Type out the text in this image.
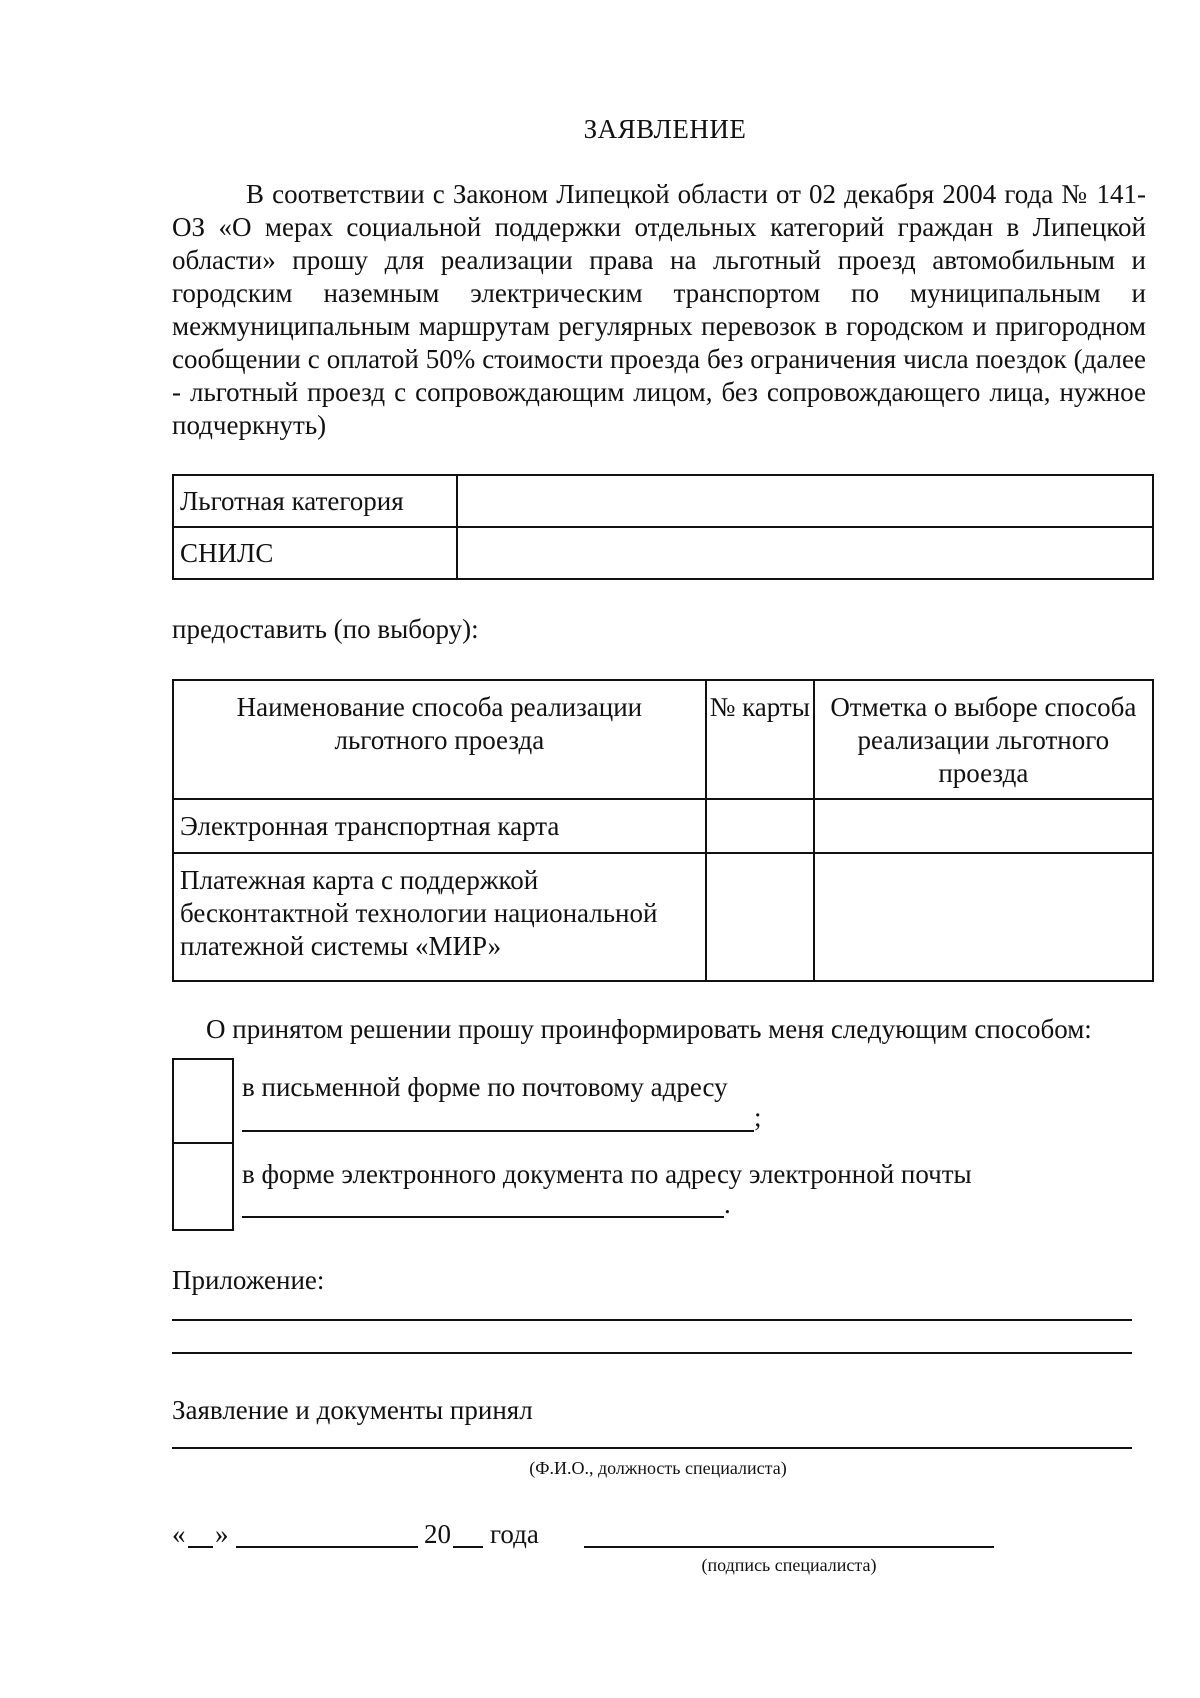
ЗАЯВЛЕНИЕ

В соответствии с Законом Липецкой области от 02 декабря 2004 года № 141-ОЗ «О мерах социальной поддержки отдельных категорий граждан в Липецкой области» прошу для реализации права на льготный проезд автомобильным и городским наземным электрическим транспортом по муниципальным и межмуниципальным маршрутам регулярных перевозок в городском и пригородном сообщении с оплатой 50% стоимости проезда без ограничения числа поездок (далее - льготный проезд с сопровождающим лицом, без сопровождающего лица, нужное подчеркнуть)

Льготная категория	
СНИЛС	
предоставить (по выбору):
Наименование способа реализации льготного проезда	№ карты	Отметка о выборе способа реализации льготного проезда
Электронная транспортная карта		
Платежная карта с поддержкой бесконтактной технологии национальной платежной системы «МИР»		
О принятом решении прошу проинформировать меня следующим способом:
в письменной форме по почтовому адресу
;
в форме электронного документа по адресу электронной почты
.
Приложение:
Заявление и документы принял
(Ф.И.О., должность специалиста)
« »	20 года
(подпись специалиста)
